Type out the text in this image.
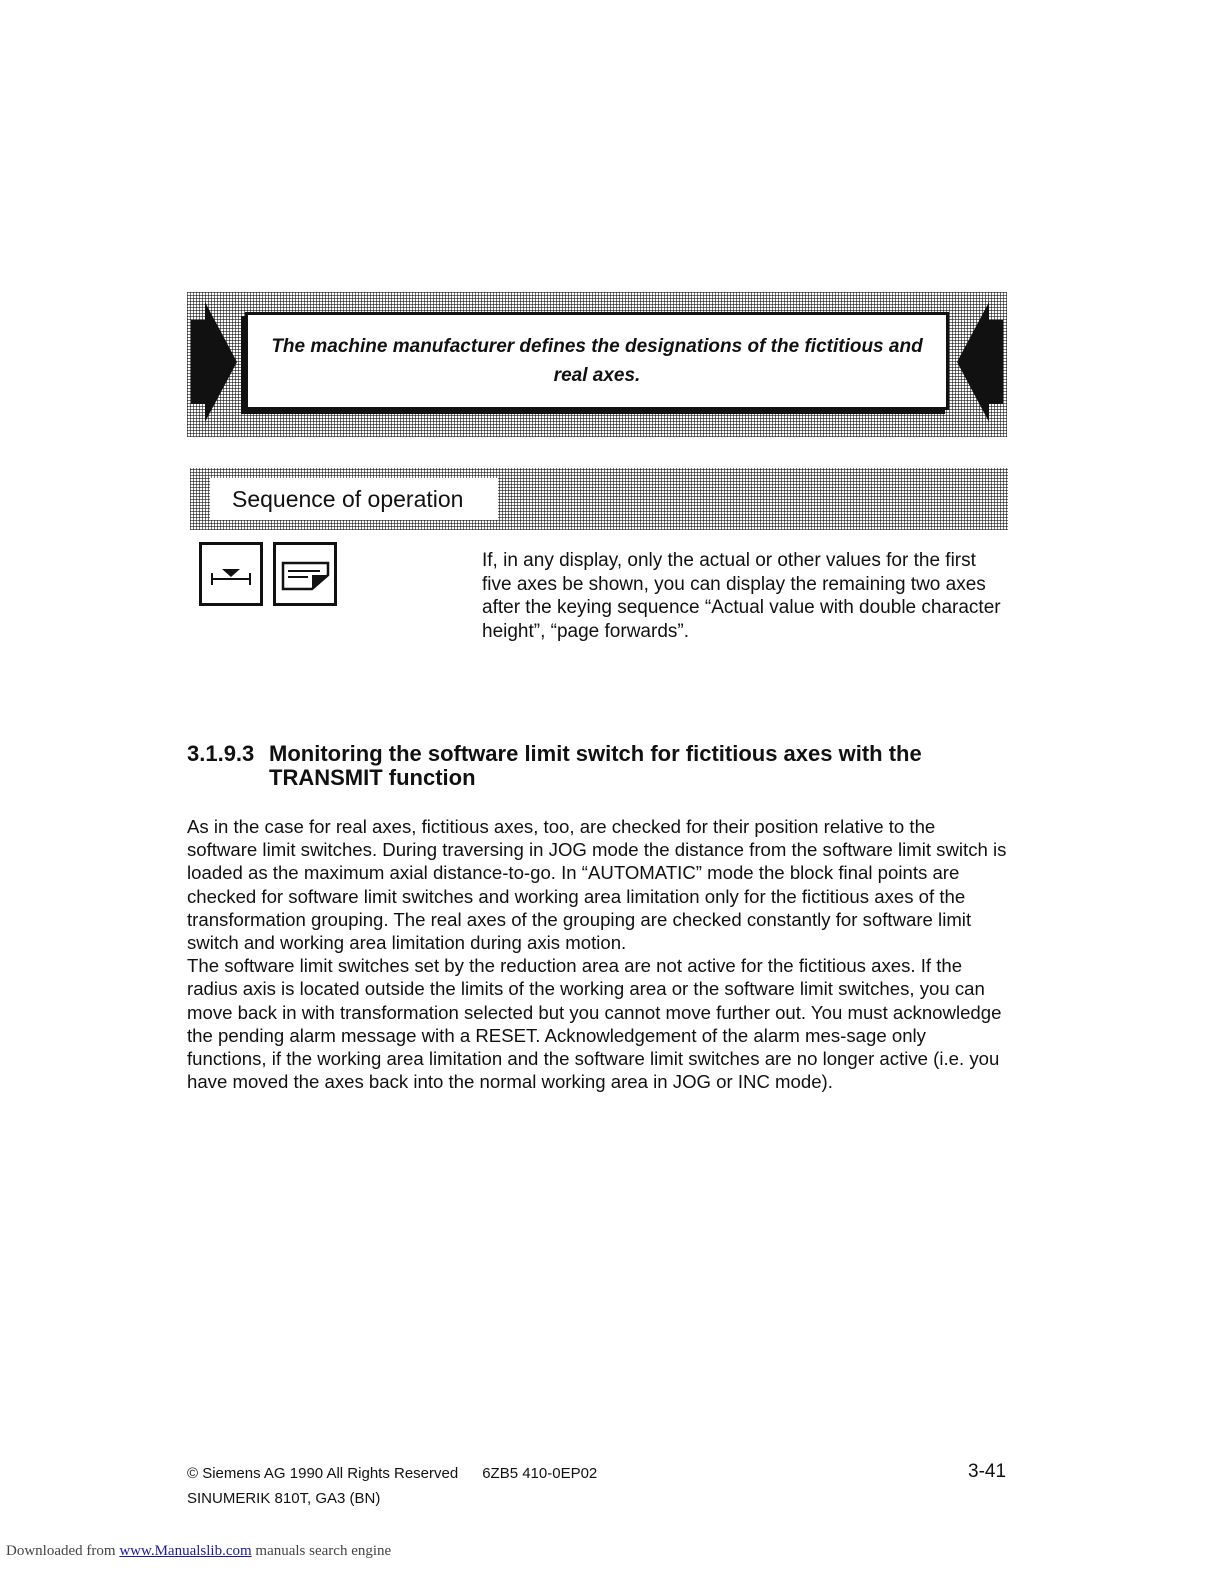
The machine manufacturer defines the designations of the fictitious and real axes.
Sequence of operation

If, in any display, only the actual or other values for the first five axes be shown, you can display the remaining two axes after the keying sequence “Actual value with double character height”, “page forwards”.

3.1.9.3 Monitoring the software limit switch for fictitious axes with the TRANSMIT function

As in the case for real axes, fictitious axes, too, are checked for their position relative to the software limit switches. During traversing in JOG mode the distance from the software limit switch is loaded as the maximum axial distance-to-go. In “AUTOMATIC” mode the block final points are checked for software limit switches and working area limitation only for the fictitious axes of the transformation grouping. The real axes of the grouping are checked constantly for software limit switch and working area limitation during axis motion.

The software limit switches set by the reduction area are not active for the fictitious axes. If the radius axis is located outside the limits of the working area or the software limit switches, you can move back in with transformation selected but you cannot move further out. You must acknowledge the pending alarm message with a RESET. Acknowledgement of the alarm mes-sage only functions, if the working area limitation and the software limit switches are no longer active (i.e. you have moved the axes back into the normal working area in JOG or INC mode).

© Siemens AG 1990 All Rights Reserved 6ZB5 410-0EP02	3-41
SINUMERIK 810T, GA3 (BN)
Downloaded from www.Manualslib.com manuals search engine
